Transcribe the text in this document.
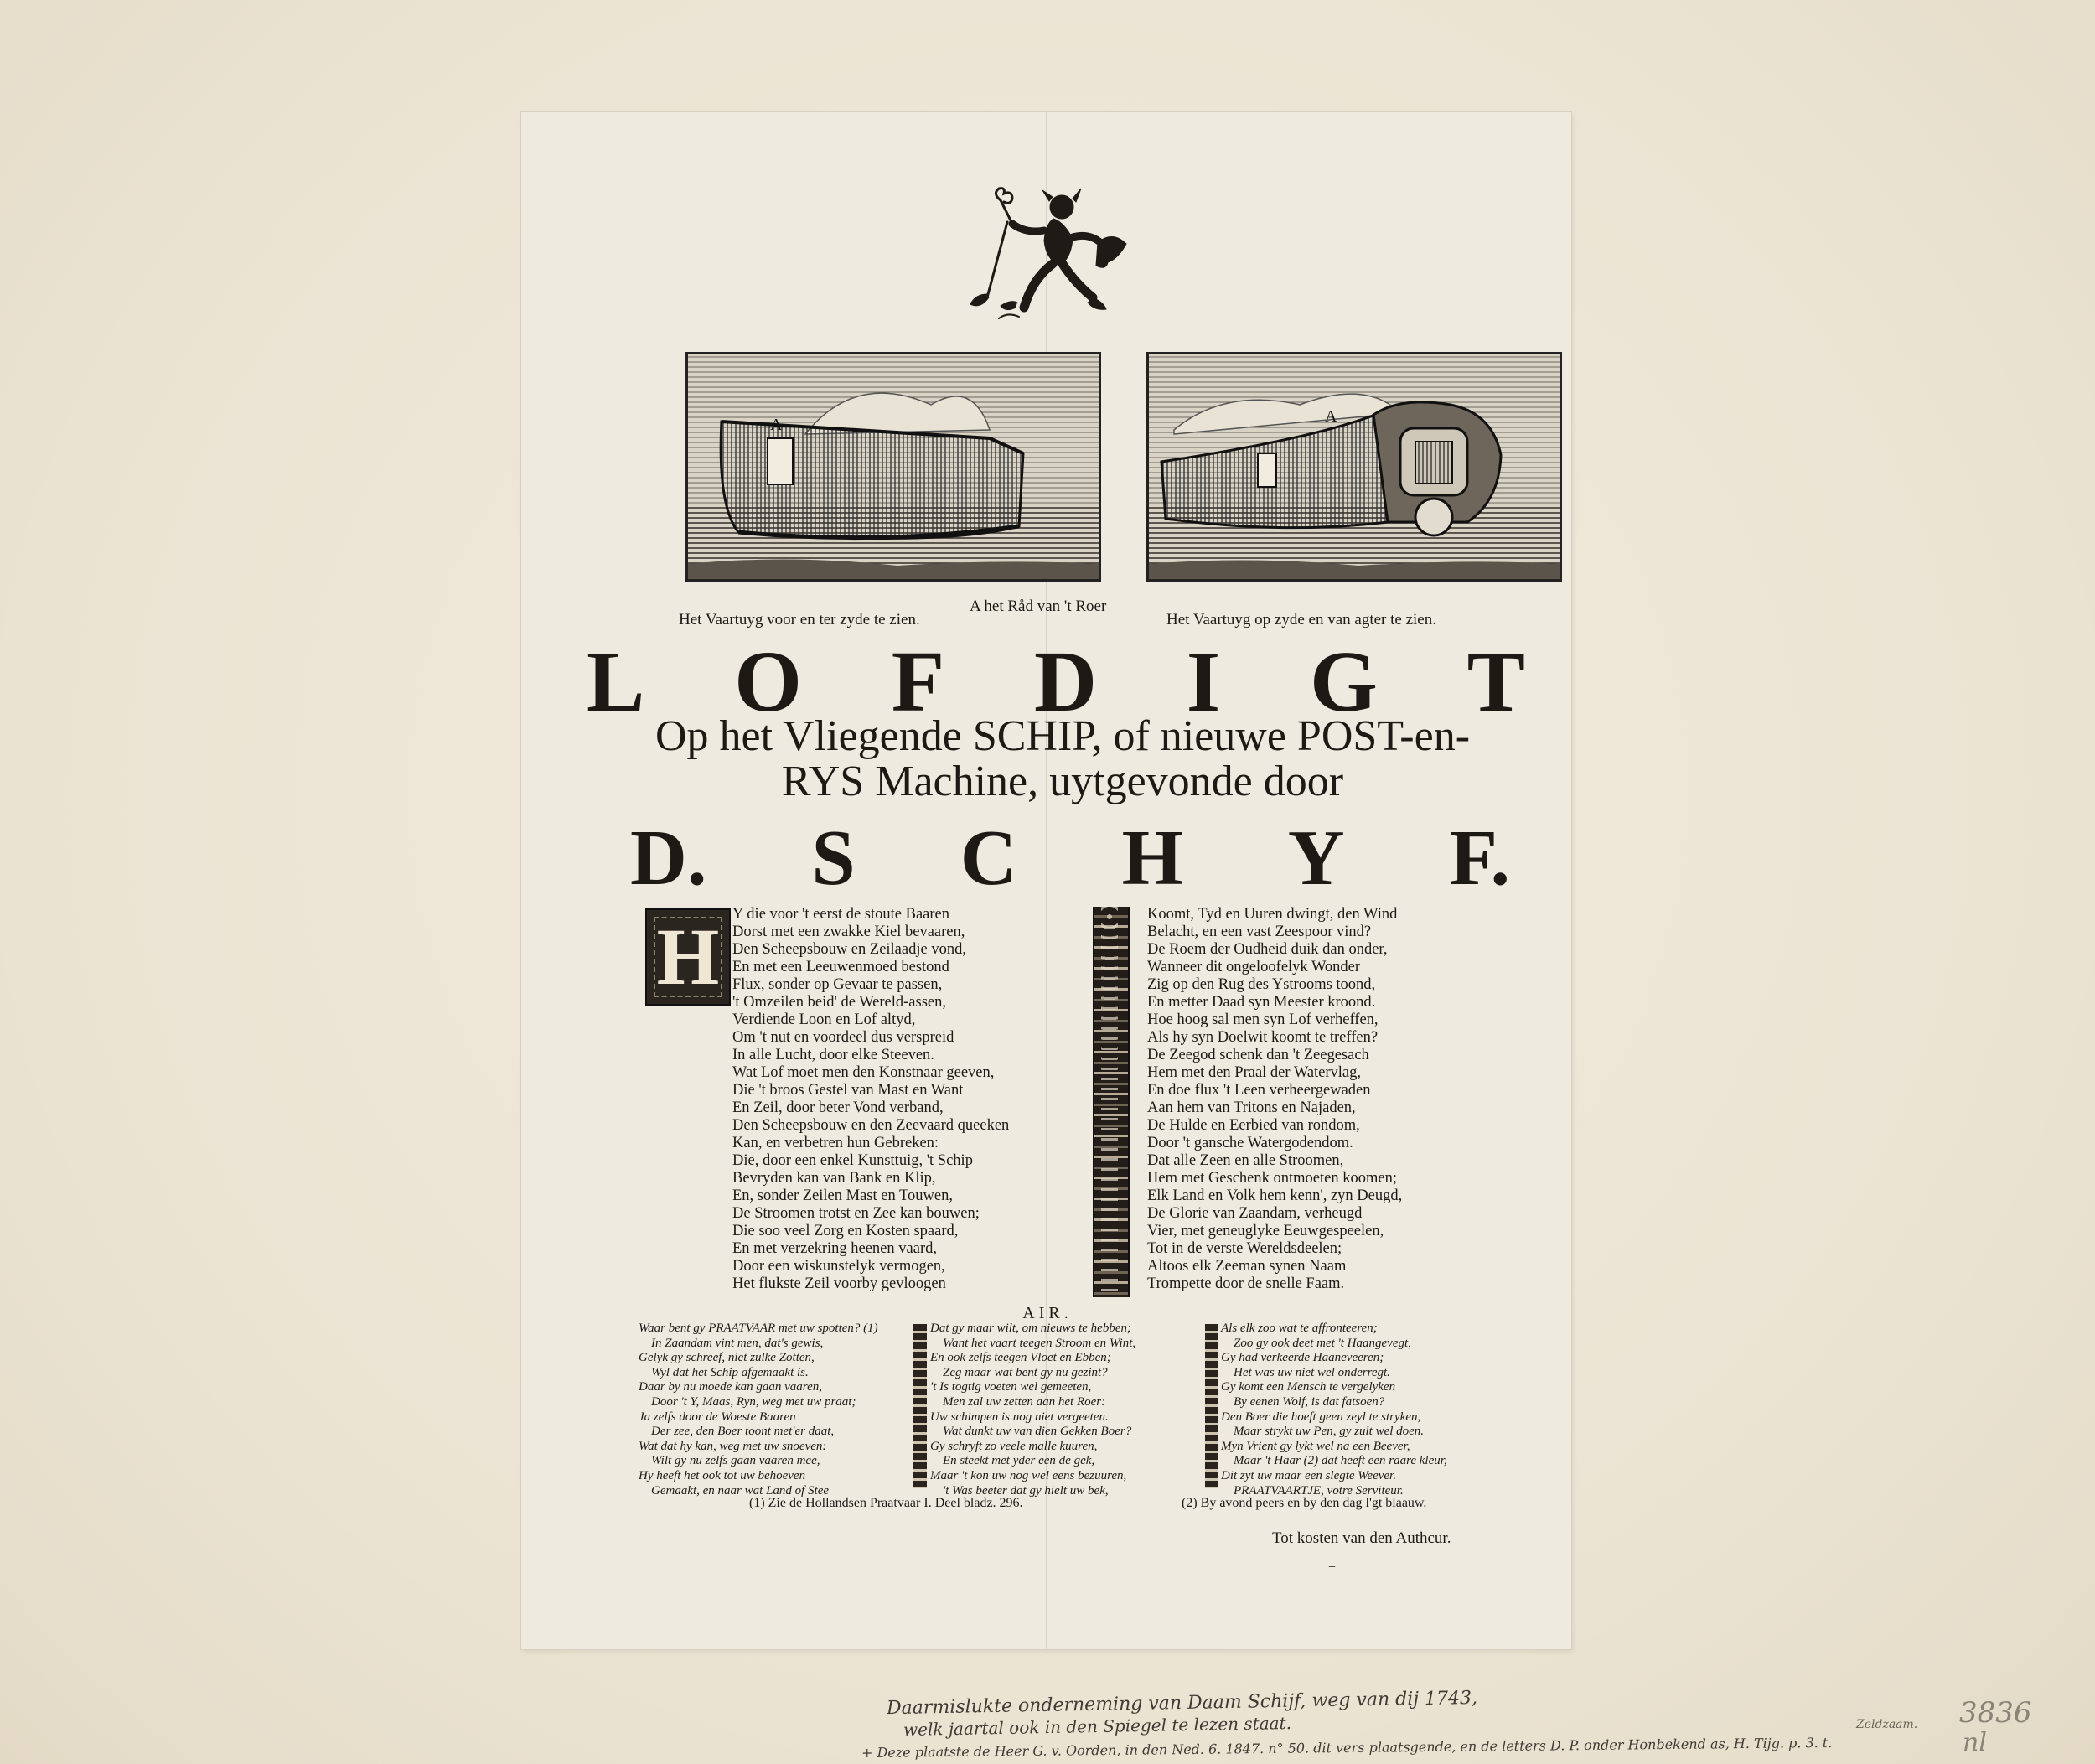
A	A
Het Vaartuyg voor en ter zyde te zien.
A het Råd van 't Roer
Het Vaartuyg op zyde en van agter te zien.
L O F D I G T
Op het Vliegende SCHIP, of nieuwe POST-en-
RYS Machine, uytgevonde door
D. S C H Y F.
H Y die voor 't eerst de stoute Baaren
Dorst met een zwakke Kiel bevaaren,
Den Scheepsbouw en Zeilaadje vond,
En met een Leeuwenmoed bestond
Flux, sonder op Gevaar te passen,
't Omzeilen beid' de Wereld-assen,
Verdiende Loon en Lof altyd,
Om 't nut en voordeel dus verspreid
In alle Lucht, door elke Steeven.
Wat Lof moet men den Konstnaar geeven,
Die 't broos Gestel van Mast en Want
En Zeil, door beter Vond verband,
Den Scheepsbouw en den Zeevaard queeken
Kan, en verbetren hun Gebreken:
Die, door een enkel Kunsttuig, 't Schip
Bevryden kan van Bank en Klip,
En, sonder Zeilen Mast en Touwen,
De Stroomen trotst en Zee kan bouwen;
Die soo veel Zorg en Kosten spaard,
En met verzekring heenen vaard,
Door een wiskunstelyk vermogen,
Het flukste Zeil voorby gevloogen
Koomt, Tyd en Uuren dwingt, den Wind
Belacht, en een vast Zeespoor vind?
De Roem der Oudheid duik dan onder,
Wanneer dit ongeloofelyk Wonder
Zig op den Rug des Ystrooms toond,
En metter Daad syn Meester kroond.
Hoe hoog sal men syn Lof verheffen,
Als hy syn Doelwit koomt te treffen?
De Zeegod schenk dan 't Zeegesach
Hem met den Praal der Watervlag,
En doe flux 't Leen verheergewaden
Aan hem van Tritons en Najaden,
De Hulde en Eerbied van rondom,
Door 't gansche Watergodendom.
Dat alle Zeen en alle Stroomen,
Hem met Geschenk ontmoeten koomen;
Elk Land en Volk hem kenn', zyn Deugd,
De Glorie van Zaandam, verheugd
Vier, met geneuglyke Eeuwgespeelen,
Tot in de verste Wereldsdeelen;
Altoos elk Zeeman synen Naam
Trompette door de snelle Faam.
AIR.
Waar bent gy PRAATVAAR met uw spotten? (1)
In Zaandam vint men, dat's gewis,
Gelyk gy schreef, niet zulke Zotten,
Wyl dat het Schip afgemaakt is.
Daar by nu moede kan gaan vaaren,
Door 't Y, Maas, Ryn, weg met uw praat;
Ja zelfs door de Woeste Baaren
Der zee, den Boer toont met'er daat,
Wat dat hy kan, weg met uw snoeven:
Wilt gy nu zelfs gaan vaaren mee,
Hy heeft het ook tot uw behoeven
Gemaakt, en naar wat Land of Stee
Dat gy maar wilt, om nieuws te hebben;
Want het vaart teegen Stroom en Wint,
En ook zelfs teegen Vloet en Ebben;
Zeg maar wat bent gy nu gezint?
't Is togtig voeten wel gemeeten,
Men zal uw zetten aan het Roer:
Uw schimpen is nog niet vergeeten.
Wat dunkt uw van dien Gekken Boer?
Gy schryft zo veele malle kuuren,
En steekt met yder een de gek,
Maar 't kon uw nog wel eens bezuuren,
't Was beeter dat gy hielt uw bek,
Als elk zoo wat te affronteeren;
Zoo gy ook deet met 't Haangevegt,
Gy had verkeerde Haaneveeren;
Het was uw niet wel onderregt.
Gy komt een Mensch te vergelyken
By eenen Wolf, is dat fatsoen?
Den Boer die hoeft geen zeyl te stryken,
Maar strykt uw Pen, gy zult wel doen.
Myn Vrient gy lykt wel na een Beever,
Maar 't Haar (2) dat heeft een raare kleur,
Dit zyt uw maar een slegte Weever.
PRAATVAARTJE, votre Serviteur.
(1) Zie de Hollandsen Praatvaar I. Deel bladz. 296.	(2) By avond peers en by den dag l'gt blaauw.
Tot kosten van den Authcur.
+
Daarmislukte onderneming van Daam Schijf, weg van dij 1743,
welk jaartal ook in den Spiegel te lezen staat.
+ Deze plaatste de Heer G. v. Oorden, in den Ned. 6. 1847. n° 50. dit vers plaatsgende, en de letters D. P. onder Honbekend as, H. Tijg. p. 3. t.
Zeldzaam. 3836
nl
